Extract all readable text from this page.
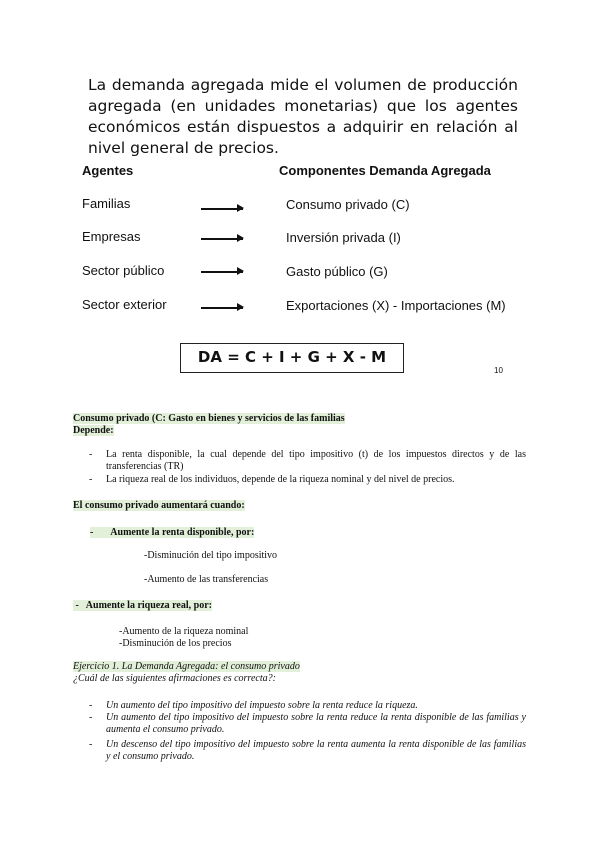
La demanda agregada mide el volumen de producción agregada (en unidades monetarias) que los agentes económicos están dispuestos a adquirir en relación al nivel general de precios.
Agentes	Componentes Demanda Agregada
Familias	Consumo privado (C)
Empresas	Inversión privada (I)
Sector público	Gasto público (G)
Sector exterior	Exportaciones (X) - Importaciones (M)
DA = C + I + G + X - M
10
Consumo privado (C: Gasto en bienes y servicios de las familias
Depende:
- La renta disponible, la cual depende del tipo impositivo (t) de los impuestos directos y de las transferencias (TR)
- La riqueza real de los individuos, depende de la riqueza nominal y del nivel de precios.
El consumo privado aumentará cuando:
-       Aumente la renta disponible, por:
-Disminución del tipo impositivo
-Aumento de las transferencias
-   Aumente la riqueza real, por:
-Aumento de la riqueza nominal
-Disminución de los precios
Ejercicio 1. La Demanda Agregada: el consumo privado
¿Cuál de las siguientes afirmaciones es correcta?:
- Un aumento del tipo impositivo del impuesto sobre la renta reduce la riqueza.
- Un aumento del tipo impositivo del impuesto sobre la renta reduce la renta disponible de las familias y aumenta el consumo privado.
- Un descenso del tipo impositivo del impuesto sobre la renta aumenta la renta disponible de las familias y el consumo privado.
